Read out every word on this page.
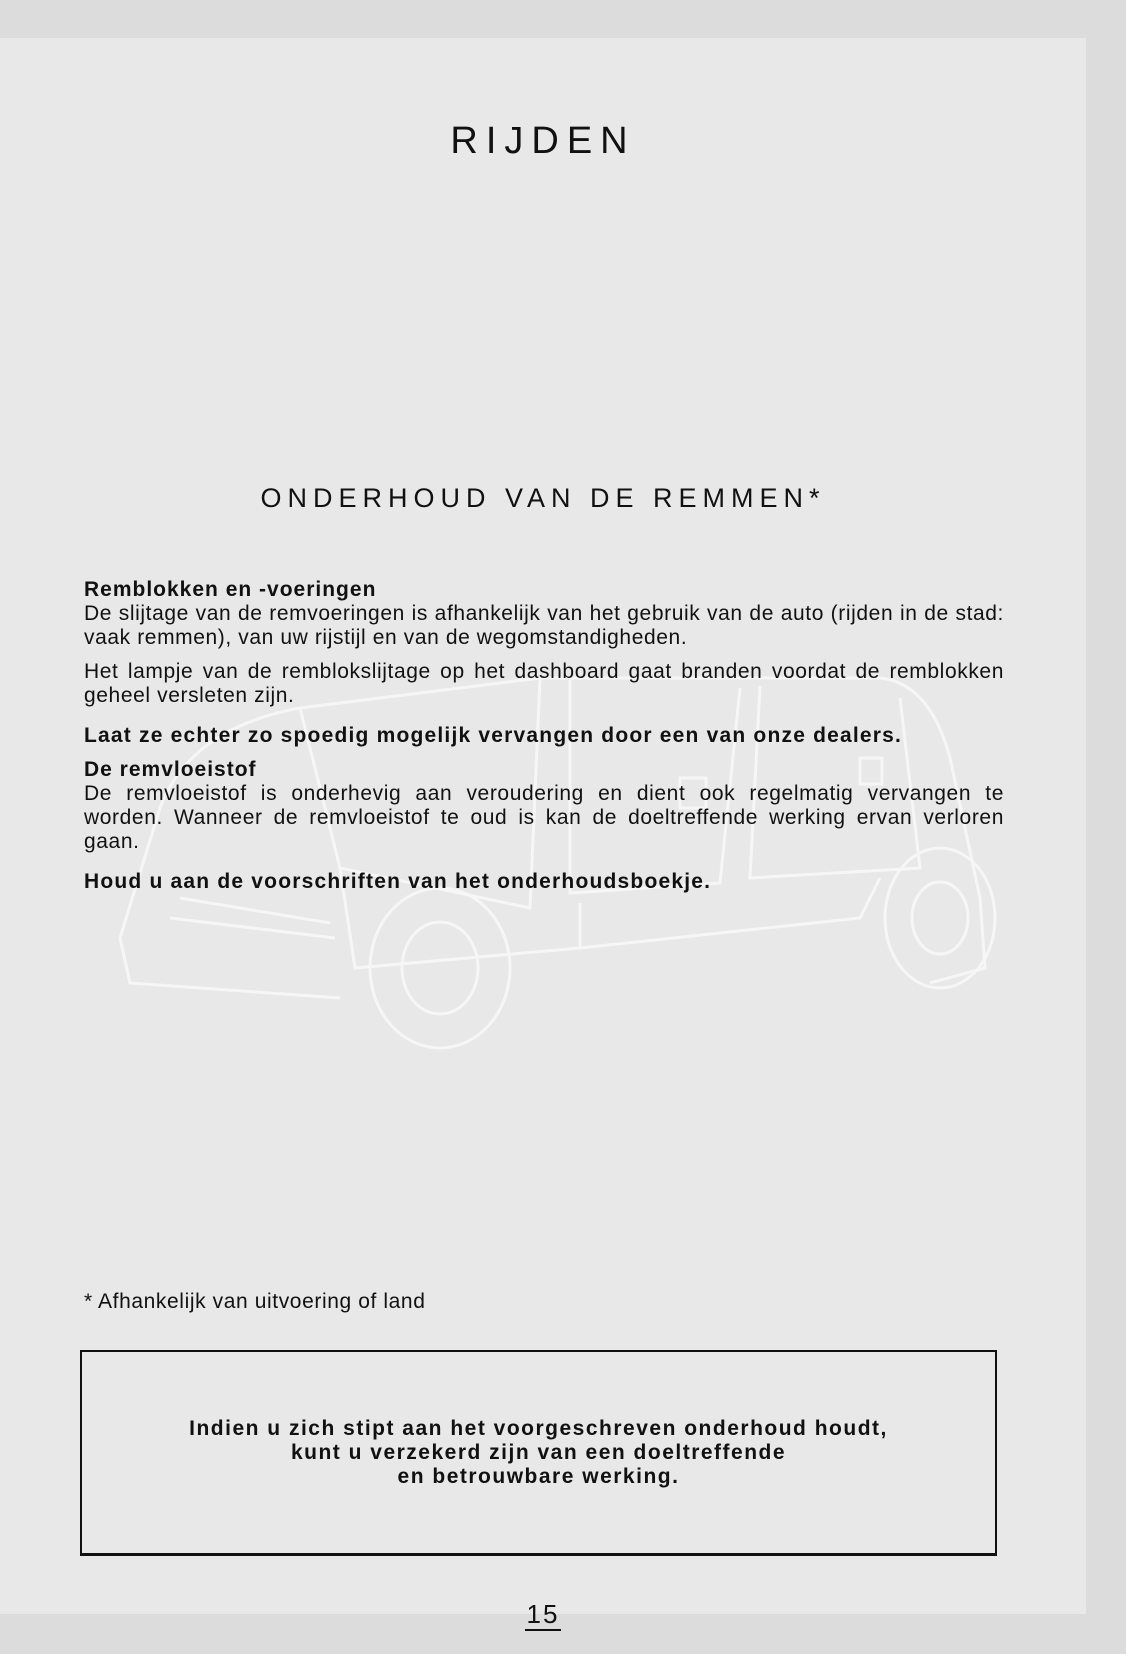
RIJDEN
ONDERHOUD VAN DE REMMEN*
Remblokken en -voeringen

De slijtage van de remvoeringen is afhankelijk van het gebruik van de auto (rijden in de stad: vaak remmen), van uw rijstijl en van de wegomstandigheden.

Het lampje van de remblokslijtage op het dashboard gaat branden voordat de remblokken geheel versleten zijn.

Laat ze echter zo spoedig mogelijk vervangen door een van onze dealers.

De remvloeistof

De remvloeistof is onderhevig aan veroudering en dient ook regelmatig vervangen te worden. Wanneer de remvloeistof te oud is kan de doeltreffende werking ervan verloren gaan.

Houd u aan de voorschriften van het onderhoudsboekje.

* Afhankelijk van uitvoering of land
Indien u zich stipt aan het voorgeschreven onderhoud houdt,
kunt u verzekerd zijn van een doeltreffende
en betrouwbare werking.
15
